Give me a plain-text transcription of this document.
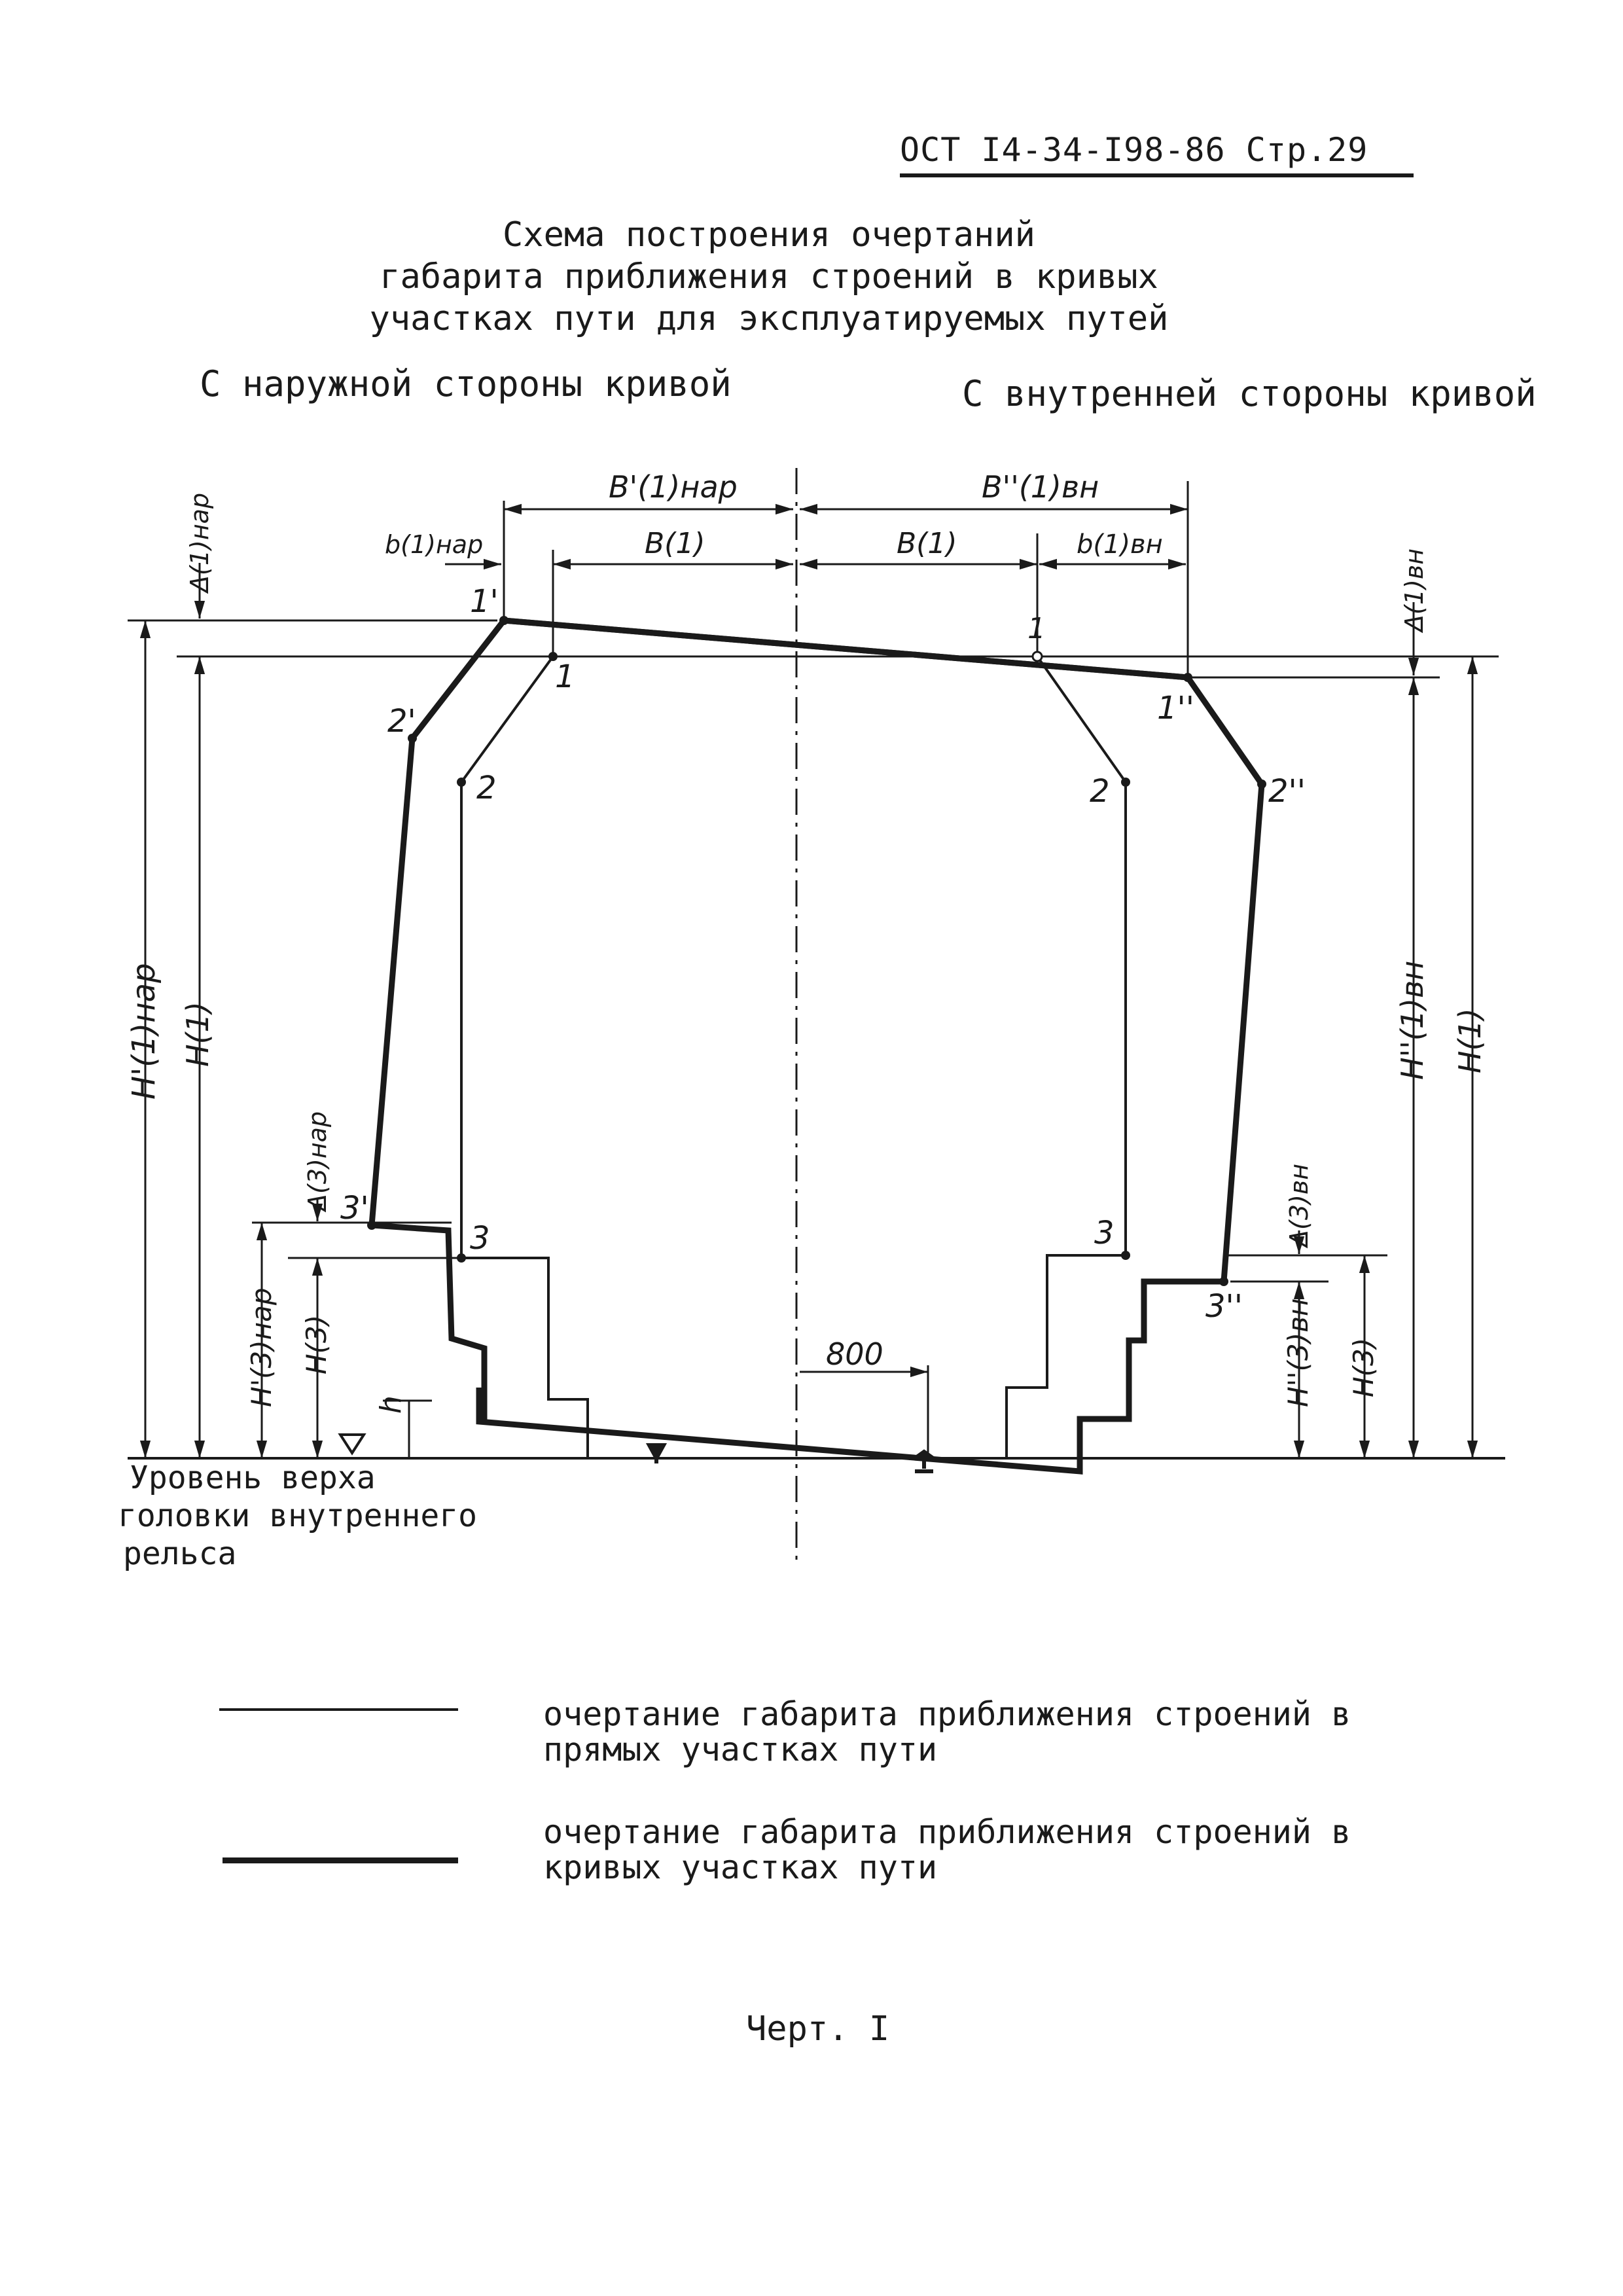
ОСТ I4-34-I98-86 Стр.29
Схема построения очертаний
габарита приближения строений в кривых
участках пути для эксплуатируемых путей
С наружной стороны кривой	С внутренней стороны кривой
1'
1
1
1''
2'
2	2	2''
3'
3	3
3''
B'(1)нар	B''(1)вн
b(1)нар	B(1)	B(1)	b(1)вн
800
Δ(1)нар
H'(1)нар H(1)
Δ(3)нар
H'(3)нар H(3)
h
Δ(1)вн
H''(1)вн H(1)
Δ(3)вн
H''(3)вн H(3)
Уровень верха
головки внутреннего
рельса
очертание габарита приближения строений в
прямых участках пути
очертание габарита приближения строений в
кривых участках пути
Черт. I
